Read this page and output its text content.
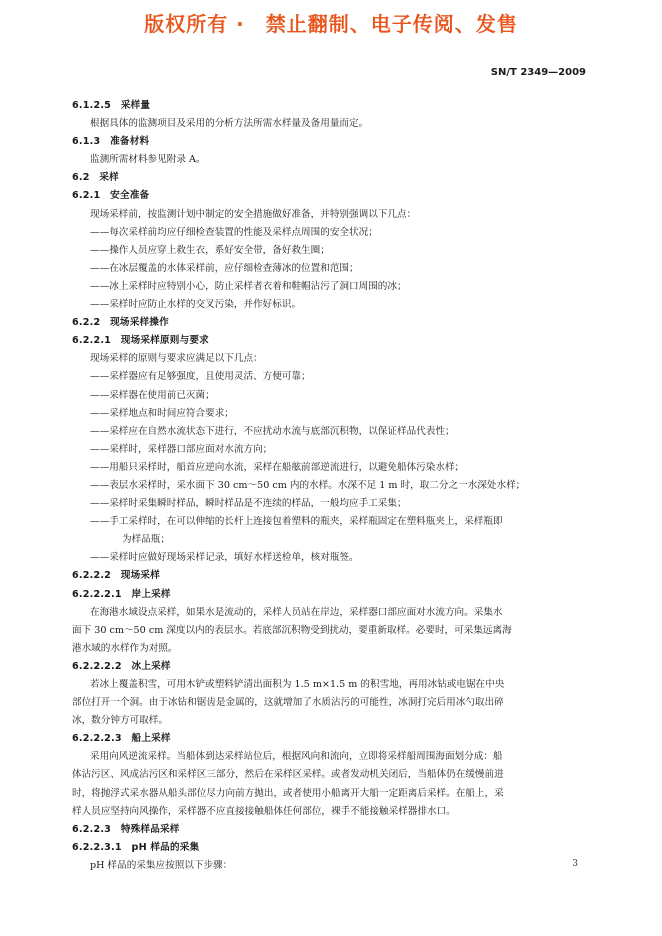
版权所有 ·　禁止翻制、电子传阅、发售
SN/T 2349—2009
6.1.2.5　采样量
根据具体的监测项目及采用的分析方法所需水样量及备用量而定。
6.1.3　准备材料
监测所需材料参见附录 A。
6.2　采样
6.2.1　安全准备
现场采样前，按监测计划中制定的安全措施做好准备，并特别强调以下几点：
——每次采样前均应仔细检查装置的性能及采样点周围的安全状况；
——操作人员应穿上救生衣，系好安全带，备好救生圈；
——在冰层覆盖的水体采样前，应仔细检查薄冰的位置和范围；
——冰上采样时应特别小心，防止采样者衣着和鞋帽沾污了洞口周围的冰；
——采样时应防止水样的交叉污染，并作好标识。
6.2.2　现场采样操作
6.2.2.1　现场采样原则与要求
现场采样的原则与要求应满足以下几点：
——采样器应有足够强度，且使用灵活、方便可靠；
——采样器在使用前已灭菌；
——采样地点和时间应符合要求；
——采样应在自然水流状态下进行，不应扰动水流与底部沉积物，以保证样品代表性；
——采样时，采样器口部应面对水流方向；
——用船只采样时，船首应逆向水流，采样在船舷前部逆流进行，以避免船体污染水样；
——表层水采样时，采水面下 30 cm～50 cm 内的水样。水深不足 1 m 时，取二分之一水深处水样；
——采样时采集瞬时样品，瞬时样品是不连续的样品，一般均应手工采集；
——手工采样时，在可以伸缩的长杆上连接包着塑料的瓶夹，采样瓶固定在塑料瓶夹上，采样瓶即
为样品瓶；
——采样时应做好现场采样记录，填好水样送检单，核对瓶签。
6.2.2.2　现场采样
6.2.2.2.1　岸上采样
在海港水域设点采样，如果水是流动的，采样人员站在岸边，采样器口部应面对水流方向。采集水
面下 30 cm～50 cm 深度以内的表层水。若底部沉积物受到扰动，要重新取样。必要时，可采集远离海
港水域的水样作为对照。
6.2.2.2.2　冰上采样
若冰上覆盖积雪，可用木铲或塑料铲清出面积为 1.5 m×1.5 m 的积雪地，再用冰钻或电锯在中央
部位打开一个洞。由于冰钻和锯齿是金属的，这就增加了水质沾污的可能性，冰洞打完后用冰勺取出碎
冰，数分钟方可取样。
6.2.2.2.3　船上采样
采用向风逆流采样。当船体到达采样站位后，根据风向和流向，立即将采样船周围海面划分成：船
体沾污区、风成沾污区和采样区三部分，然后在采样区采样。或者发动机关闭后，当船体仍在缓慢前进
时，将抛浮式采水器从船头部位尽力向前方抛出，或者使用小船离开大船一定距离后采样。在船上，采
样人员应坚持向风操作，采样器不应直接接触船体任何部位，裸手不能接触采样器排水口。
6.2.2.3　特殊样品采样
6.2.2.3.1　pH 样品的采集
pH 样品的采集应按照以下步骤：	3
